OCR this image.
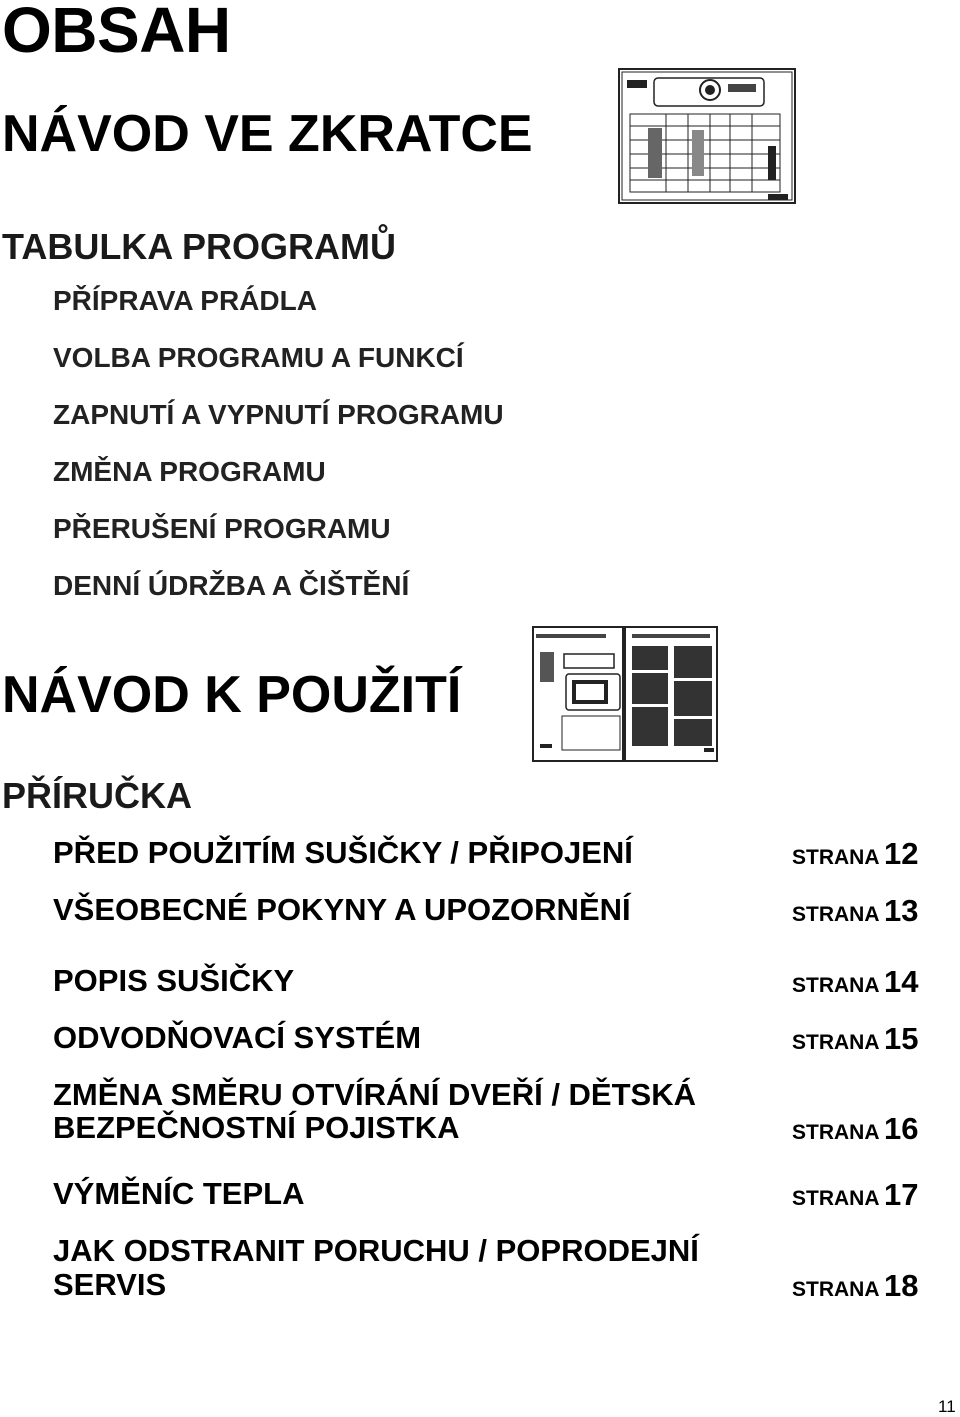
OBSAH
NÁVOD VE ZKRATCE
TABULKA PROGRAMŮ
PŘÍPRAVA PRÁDLA
VOLBA PROGRAMU A FUNKCÍ
ZAPNUTÍ A VYPNUTÍ PROGRAMU
ZMĚNA PROGRAMU
PŘERUŠENÍ PROGRAMU
DENNÍ ÚDRŽBA A ČIŠTĚNÍ
NÁVOD K POUŽITÍ
PŘÍRUČKA
PŘED POUŽITÍM SUŠIČKY / PŘIPOJENÍ	STRANA 12
VŠEOBECNÉ POKYNY A UPOZORNĚNÍ	STRANA 13
POPIS SUŠIČKY	STRANA 14
ODVODŇOVACÍ SYSTÉM	STRANA 15
ZMĚNA SMĚRU OTVÍRÁNÍ DVEŘÍ / DĚTSKÁ
BEZPEČNOSTNÍ POJISTKA	STRANA 16
VÝMĚNÍC TEPLA	STRANA 17
JAK ODSTRANIT PORUCHU / POPRODEJNÍ
SERVIS	STRANA 18
11
